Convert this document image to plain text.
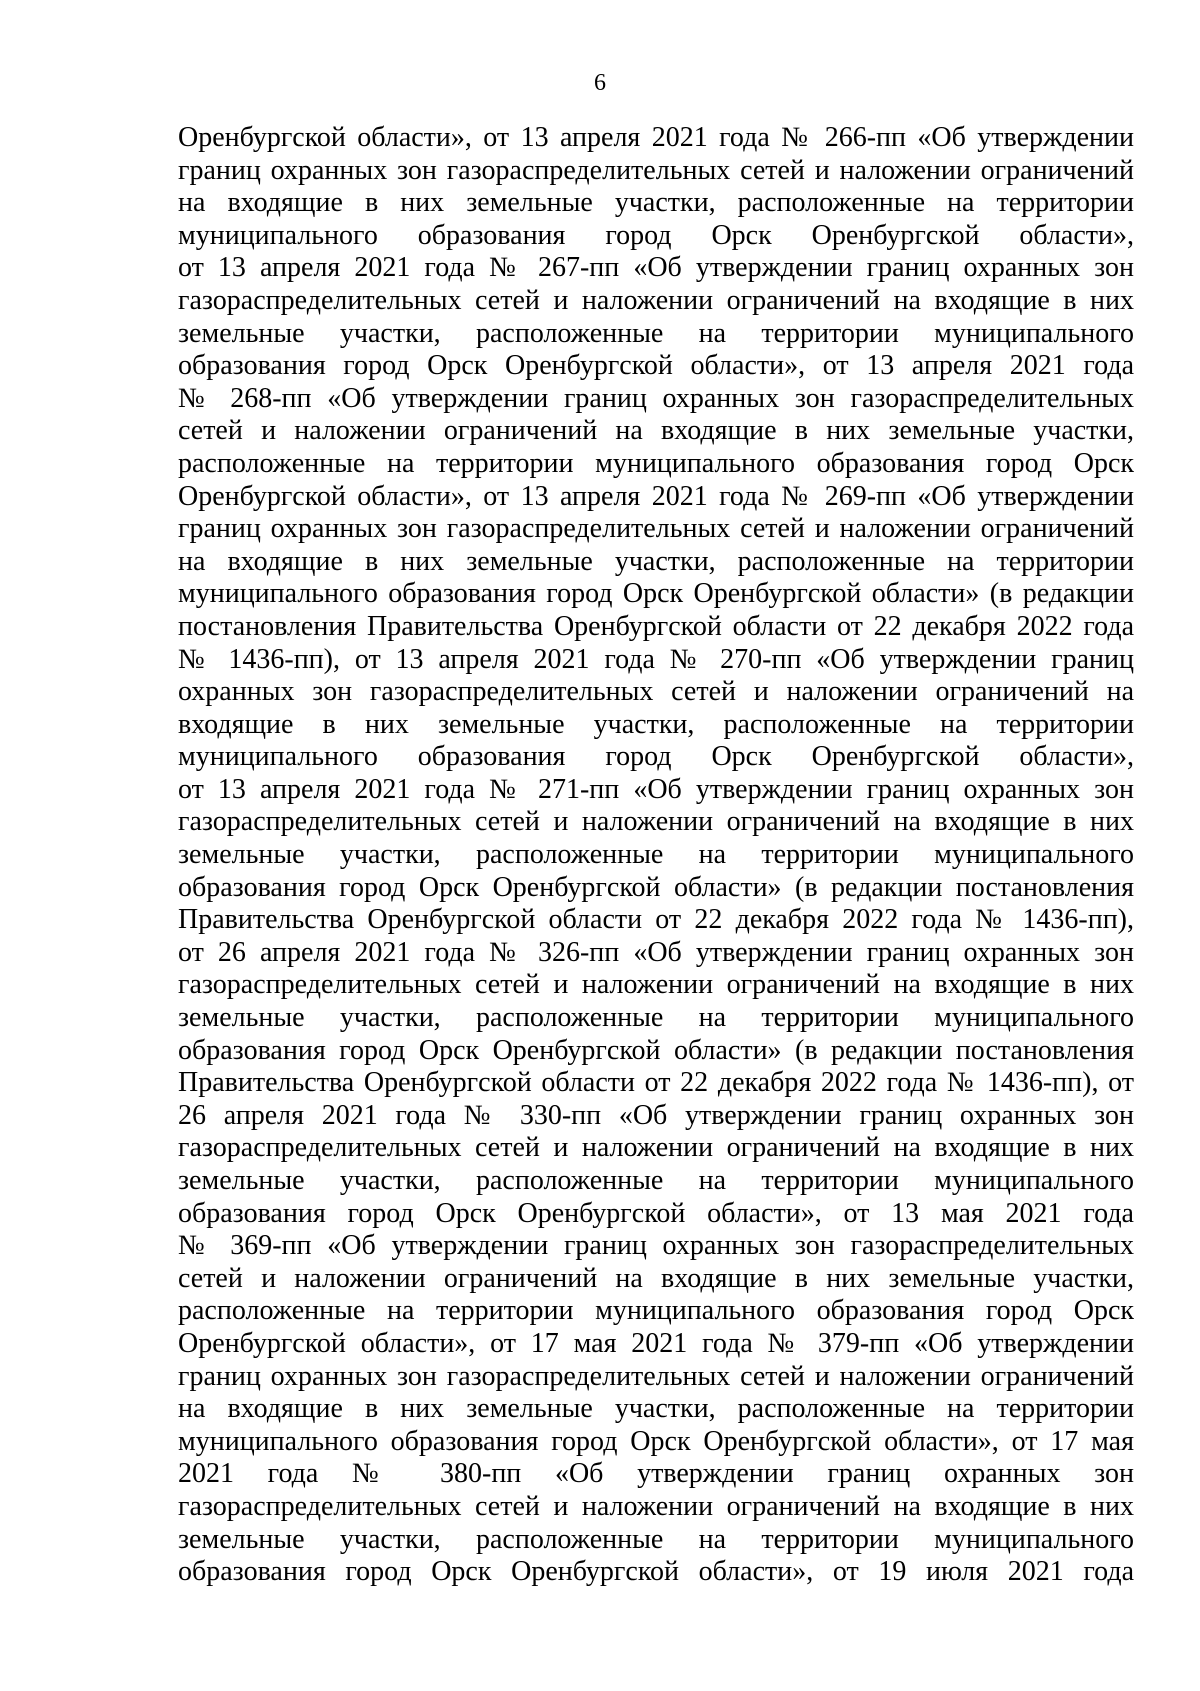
6
Оренбургской области», от 13 апреля 2021 года № 266-пп «Об утверждении
границ охранных зон газораспределительных сетей и наложении ограничений
на входящие в них земельные участки, расположенные на территории
муниципального образования город Орск Оренбургской области»,
от 13 апреля 2021 года № 267-пп «Об утверждении границ охранных зон
газораспределительных сетей и наложении ограничений на входящие в них
земельные участки, расположенные на территории муниципального
образования город Орск Оренбургской области», от 13 апреля 2021 года
№ 268-пп «Об утверждении границ охранных зон газораспределительных
сетей и наложении ограничений на входящие в них земельные участки,
расположенные на территории муниципального образования город Орск
Оренбургской области», от 13 апреля 2021 года № 269-пп «Об утверждении
границ охранных зон газораспределительных сетей и наложении ограничений
на входящие в них земельные участки, расположенные на территории
муниципального образования город Орск Оренбургской области» (в редакции
постановления Правительства Оренбургской области от 22 декабря 2022 года
№ 1436-пп), от 13 апреля 2021 года № 270-пп «Об утверждении границ
охранных зон газораспределительных сетей и наложении ограничений на
входящие в них земельные участки, расположенные на территории
муниципального образования город Орск Оренбургской области»,
от 13 апреля 2021 года № 271-пп «Об утверждении границ охранных зон
газораспределительных сетей и наложении ограничений на входящие в них
земельные участки, расположенные на территории муниципального
образования город Орск Оренбургской области» (в редакции постановления
Правительства Оренбургской области от 22 декабря 2022 года № 1436-пп),
от 26 апреля 2021 года № 326-пп «Об утверждении границ охранных зон
газораспределительных сетей и наложении ограничений на входящие в них
земельные участки, расположенные на территории муниципального
образования город Орск Оренбургской области» (в редакции постановления
Правительства Оренбургской области от 22 декабря 2022 года № 1436-пп), от
26 апреля 2021 года № 330-пп «Об утверждении границ охранных зон
газораспределительных сетей и наложении ограничений на входящие в них
земельные участки, расположенные на территории муниципального
образования город Орск Оренбургской области», от 13 мая 2021 года
№ 369-пп «Об утверждении границ охранных зон газораспределительных
сетей и наложении ограничений на входящие в них земельные участки,
расположенные на территории муниципального образования город Орск
Оренбургской области», от 17 мая 2021 года № 379-пп «Об утверждении
границ охранных зон газораспределительных сетей и наложении ограничений
на входящие в них земельные участки, расположенные на территории
муниципального образования город Орск Оренбургской области», от 17 мая
2021 года № 380-пп «Об утверждении границ охранных зон
газораспределительных сетей и наложении ограничений на входящие в них
земельные участки, расположенные на территории муниципального
образования город Орск Оренбургской области», от 19 июля 2021 года
